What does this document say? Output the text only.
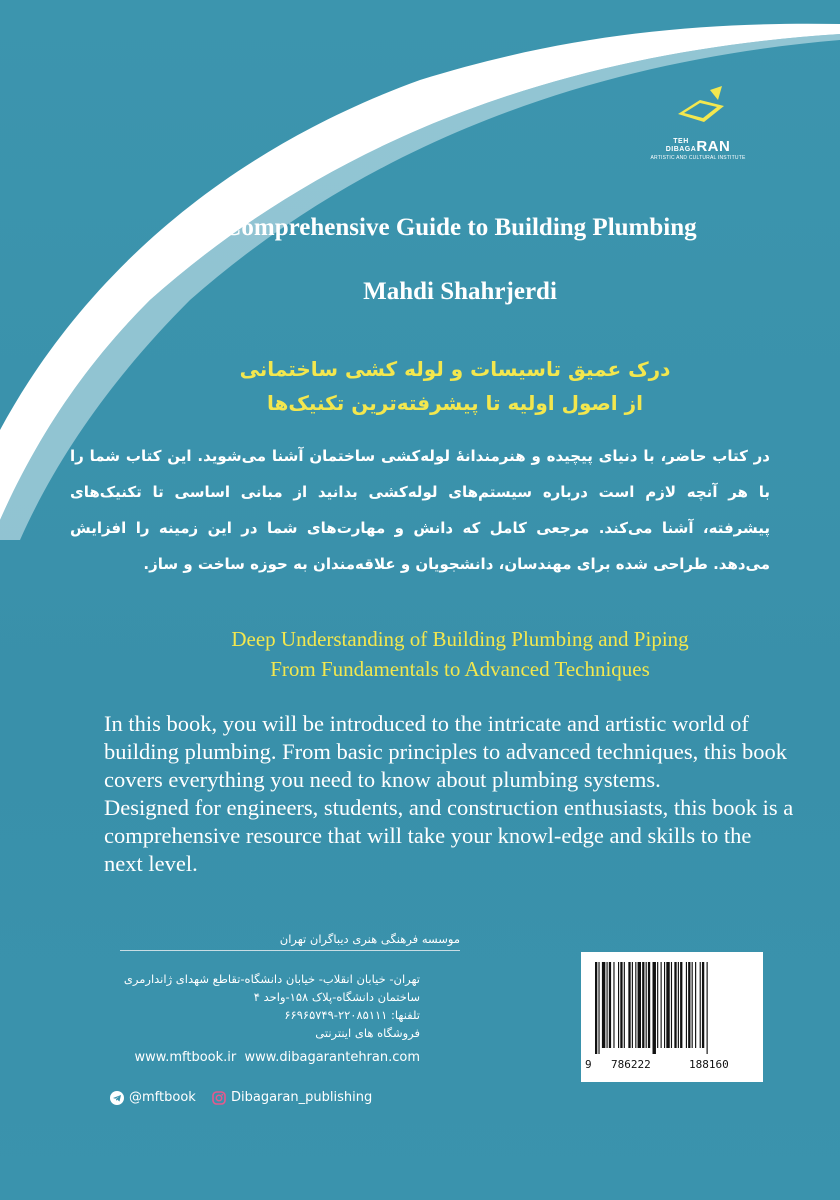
TEH
DIBAGARAN
ARTISTIC AND CULTURAL INSTITUTE
Comprehensive Guide to Building Plumbing
Mahdi Shahrjerdi
درک عمیق تاسیسات و لوله کشی ساختمانی
از اصول اولیه تا پیشرفته‌ترین تکنیک‌ها
در کتاب حاضر، با دنیای پیچیده و هنرمندانهٔ لوله‌کشی ساختمان آشنا می‌شوید. این کتاب شما را با هر آنچه لازم است درباره سیستم‌های لوله‌کشی بدانید از مبانی اساسی تا تکنیک‌های پیشرفته، آشنا می‌کند. مرجعی کامل که دانش و مهارت‌های شما در این زمینه را افزایش می‌دهد. طراحی شده برای مهندسان، دانشجویان و علاقه‌مندان به حوزه ساخت و ساز.
Deep Understanding of Building Plumbing and Piping
From Fundamentals to Advanced Techniques

In this book, you will be introduced to the intricate and artistic world of building plumbing. From basic principles to advanced techniques, this book covers everything you need to know about plumbing systems.

Designed for engineers, students, and construction enthusiasts, this book is a comprehensive resource that will take your knowl-edge and skills to the next level.

موسسه فرهنگی هنری دیباگران تهران
تهران- خیابان انقلاب- خیابان دانشگاه-تقاطع شهدای ژاندارمری
ساختمان دانشگاه-پلاک ۱۵۸-واحد ۴
تلفنها: ۲۲۰۸۵۱۱۱-۶۶۹۶۵۷۴۹
فروشگاه های اینترنتی
www.mftbook.ir www.dibagarantehran.com
@mftbook	Dibagaran_publishing
9 786222	188160
